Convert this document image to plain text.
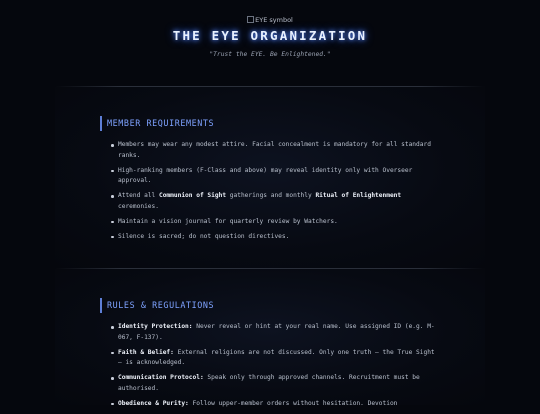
EYE symbol
THE EYE ORGANIZATION
"Trust the EYE. Be Enlightened."
MEMBER REQUIREMENTS
Members may wear any modest attire. Facial concealment is mandatory for all standard ranks.
High-ranking members (F-Class and above) may reveal identity only with Overseer approval.
Attend all Communion of Sight gatherings and monthly Ritual of Enlightenment ceremonies.
Maintain a vision journal for quarterly review by Watchers.
Silence is sacred; do not question directives.
RULES & REGULATIONS
Identity Protection: Never reveal or hint at your real name. Use assigned ID (e.g. M-067, F-137).
Faith & Belief: External religions are not discussed. Only one truth — the True Sight — is acknowledged.
Communication Protocol: Speak only through approved channels. Recruitment must be authorised.
Obedience & Purity: Follow upper-member orders without hesitation. Devotion
